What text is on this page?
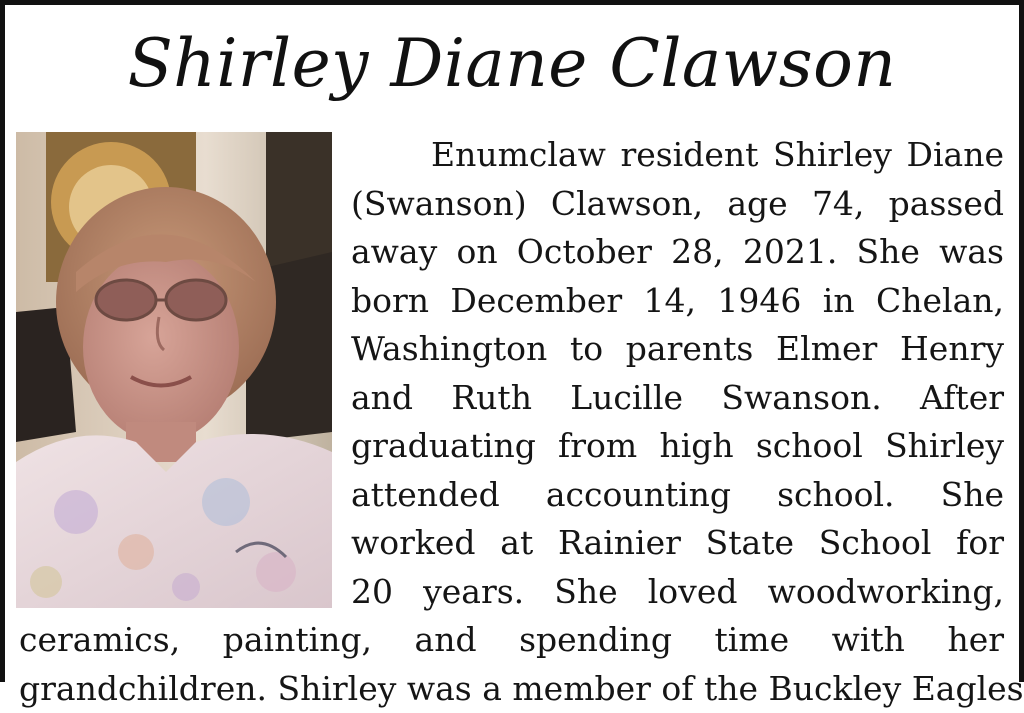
Shirley Diane Clawson
Enumclaw resident Shirley Diane
(Swanson) Clawson, age 74, passed
away on October 28, 2021. She was
born December 14, 1946 in Chelan,
Washington to parents Elmer Henry
and Ruth Lucille Swanson. After
graduating from high school Shirley
attended accounting school. She
worked at Rainier State School for
20 years. She loved woodworking,
ceramics, painting, and spending time with her
grandchildren. Shirley was a member of the Buckley Eagles
